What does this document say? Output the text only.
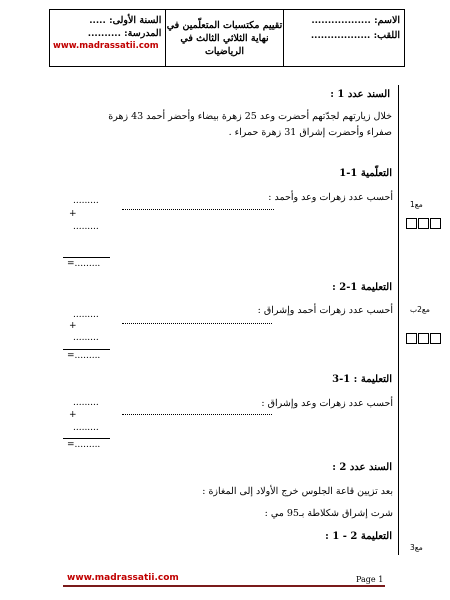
الاسم: ..................
اللقب: ..................
تقييم مكتسبات المتعلّمين في
نهاية الثلاثي الثالث في
الرياضيات
السنة الأولى: .....
المدرسة: ..........
www.madrassatii.com
السند عدد 1 :
خلال زيارتهم لجدّتهم أحضرت وعد 25 زهرة بيضاء وأحضر أحمد 43 زهرة
صفراء وأحضرت إشراق 31 زهرة حمراء .
التعلّمية 1-1
أحسب عدد زهرات وعد وأحمد :
.........
+
.........
=.........
مع1
التعليمة 1-2 :
أحسب عدد زهرات أحمد وإشراق :
.........
+
.........
=.........
مع2ب
التعليمة : 1-3
أحسب عدد زهرات وعد وإشراق :
.........
+
.........
=.........
السند عدد 2 :
بعد تزيين قاعة الجلوس خرج الأولاد إلى المغازة :
شرت إشراق شكلاطة بـ95 مي :
التعليمة 2 - 1 :
مع3
www.madrassatii.com	Page 1
